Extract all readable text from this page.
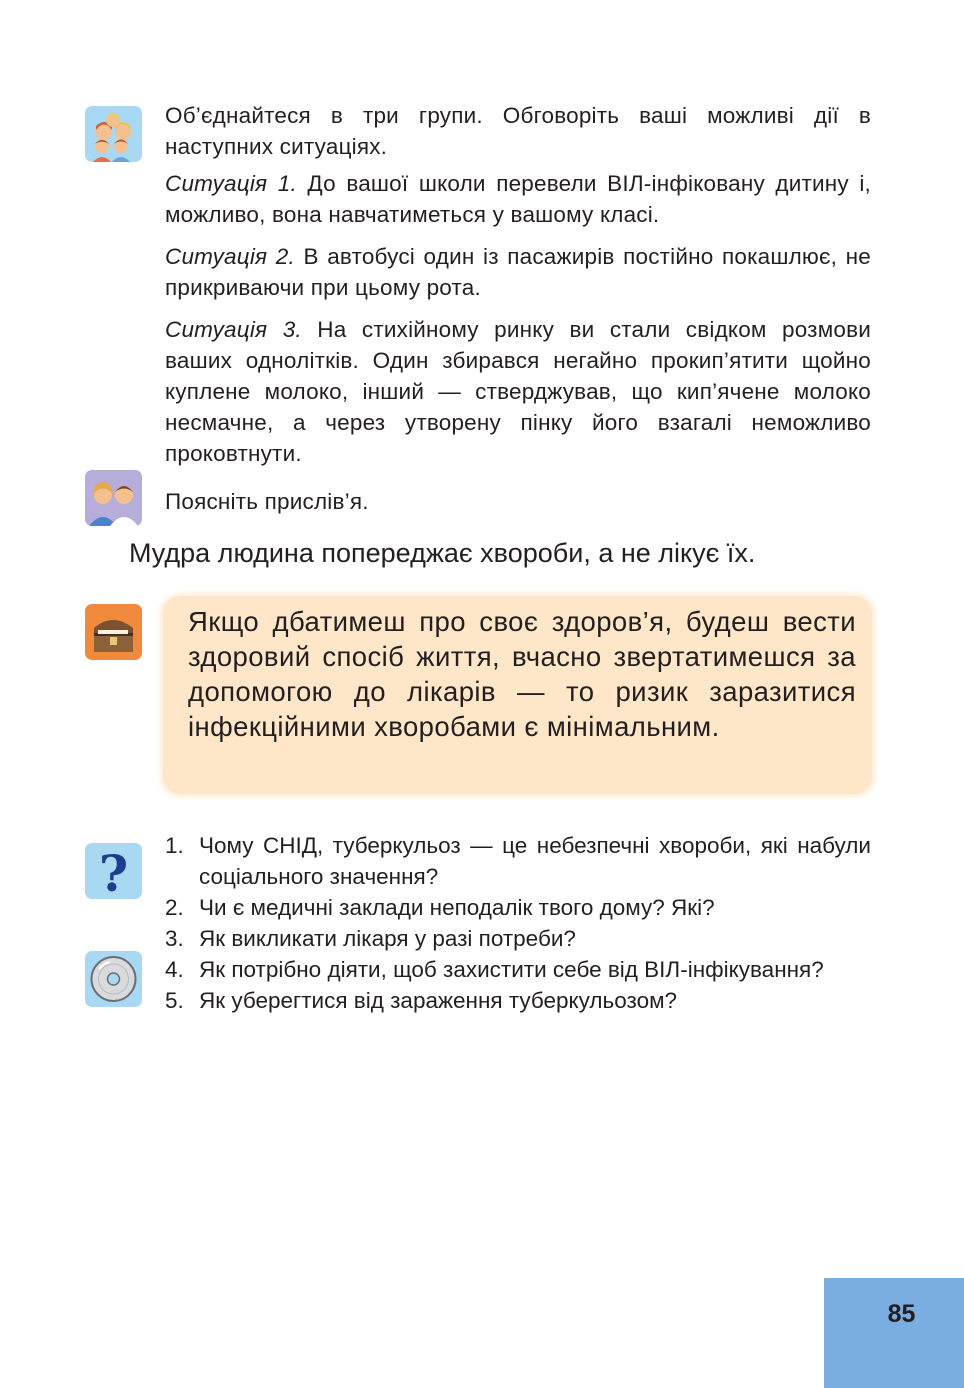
Об’єднайтеся в три групи. Обговоріть ваші можливі дії в наступних ситуаціях.

Ситуація 1. До вашої школи перевели ВІЛ-інфіковану дитину і, можливо, вона навчатиметься у вашому класі.

Ситуація 2. В автобусі один із пасажирів постійно покашлює, не прикриваючи при цьому рота.

Ситуація 3. На стихійному ринку ви стали свідком розмови ваших однолітків. Один збирався негайно прокип’ятити щойно куплене молоко, інший — стверджував, що кип’ячене молоко несмачне, а через утворену пінку його взагалі неможливо проковтнути.

Поясніть прислів’я.

Мудра людина попереджає хвороби, а не лікує їх.

Якщо дбатимеш про своє здоров’я, будеш вести здоровий спосіб життя, вчасно звертатимешся за допомогою до лікарів — то ризик заразитися інфекційними хворобами є мінімальним.

? 1. Чому СНІД, туберкульоз — це небезпечні хвороби, які набули соціального значення?
2. Чи є медичні заклади неподалік твого дому? Які?
3. Як викликати лікаря у разі потреби?
4. Як потрібно діяти, щоб захистити себе від ВІЛ-інфікування?
5. Як уберегтися від зараження туберкульозом?
85
